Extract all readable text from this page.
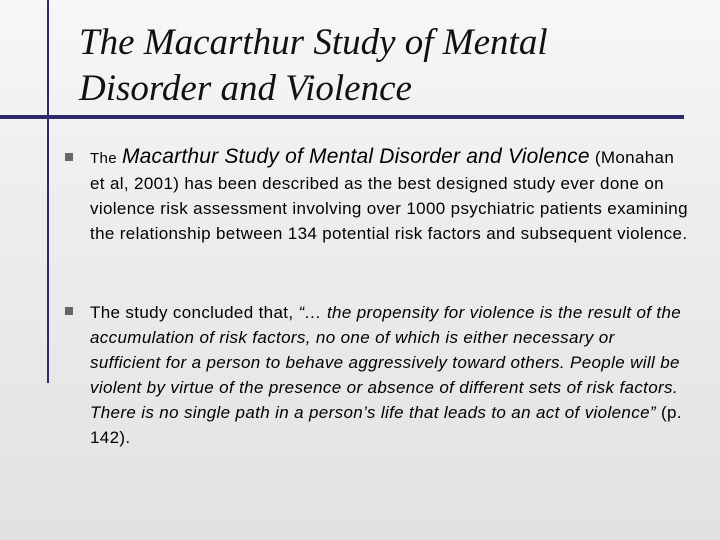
The Macarthur Study of Mental
Disorder and Violence
The Macarthur Study of Mental Disorder and Violence (Monahan et al, 2001) has been described as the best designed study ever done on violence risk assessment involving over 1000 psychiatric patients examining the relationship between 134 potential risk factors and subsequent violence.
The study concluded that, “… the propensity for violence is the result of the accumulation of risk factors, no one of which is either necessary or sufficient for a person to behave aggressively toward others. People will be violent by virtue of the presence or absence of different sets of risk factors. There is no single path in a person’s life that leads to an act of violence” (p. 142).
